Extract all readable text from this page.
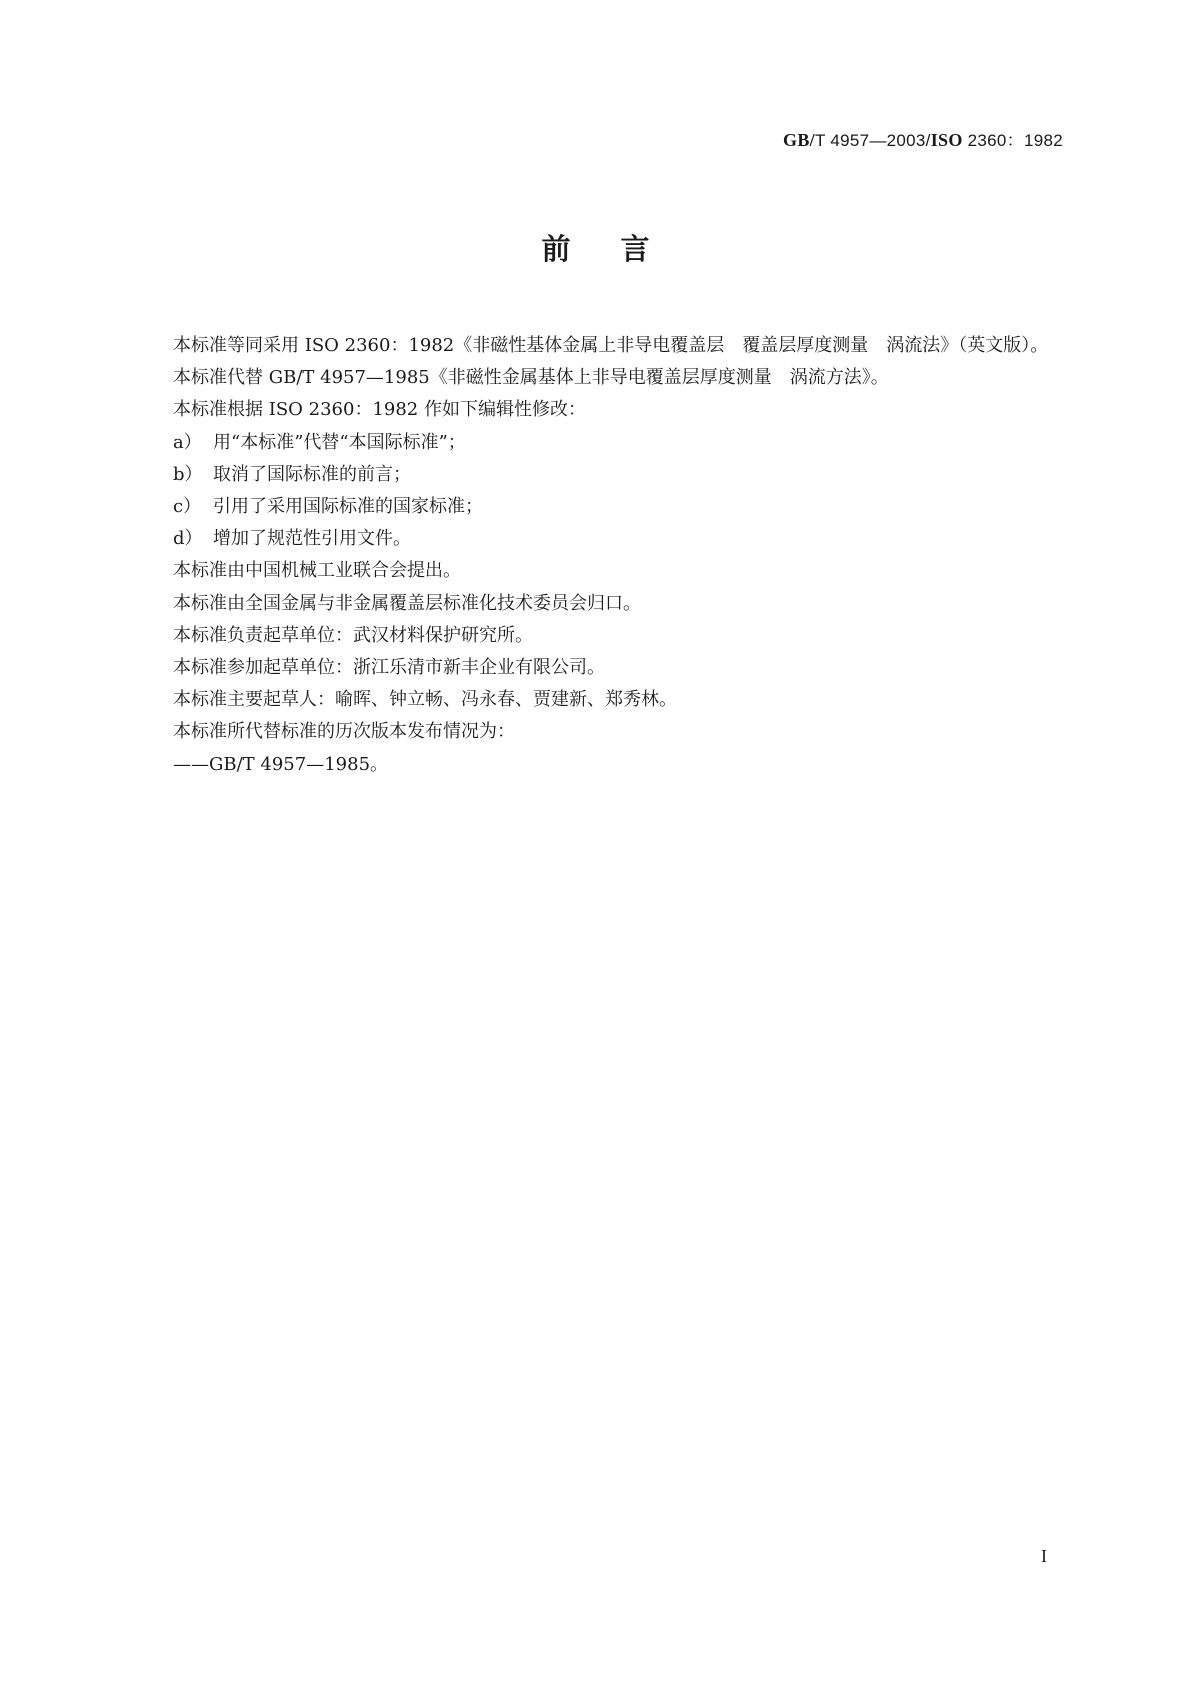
GB/T 4957—2003/ISO 2360：1982
前言

本标准等同采用 ISO 2360：1982《非磁性基体金属上非导电覆盖层　覆盖层厚度测量　涡流法》（英文版）。

本标准代替 GB/T 4957—1985《非磁性金属基体上非导电覆盖层厚度测量　涡流方法》。

本标准根据 ISO 2360：1982 作如下编辑性修改：

a） 用“本标准”代替“本国际标准”；

b） 取消了国际标准的前言；

c） 引用了采用国际标准的国家标准；

d） 增加了规范性引用文件。

本标准由中国机械工业联合会提出。

本标准由全国金属与非金属覆盖层标准化技术委员会归口。

本标准负责起草单位：武汉材料保护研究所。

本标准参加起草单位：浙江乐清市新丰企业有限公司。

本标准主要起草人：喻晖、钟立畅、冯永春、贾建新、郑秀林。

本标准所代替标准的历次版本发布情况为：

——GB/T 4957—1985。

I
